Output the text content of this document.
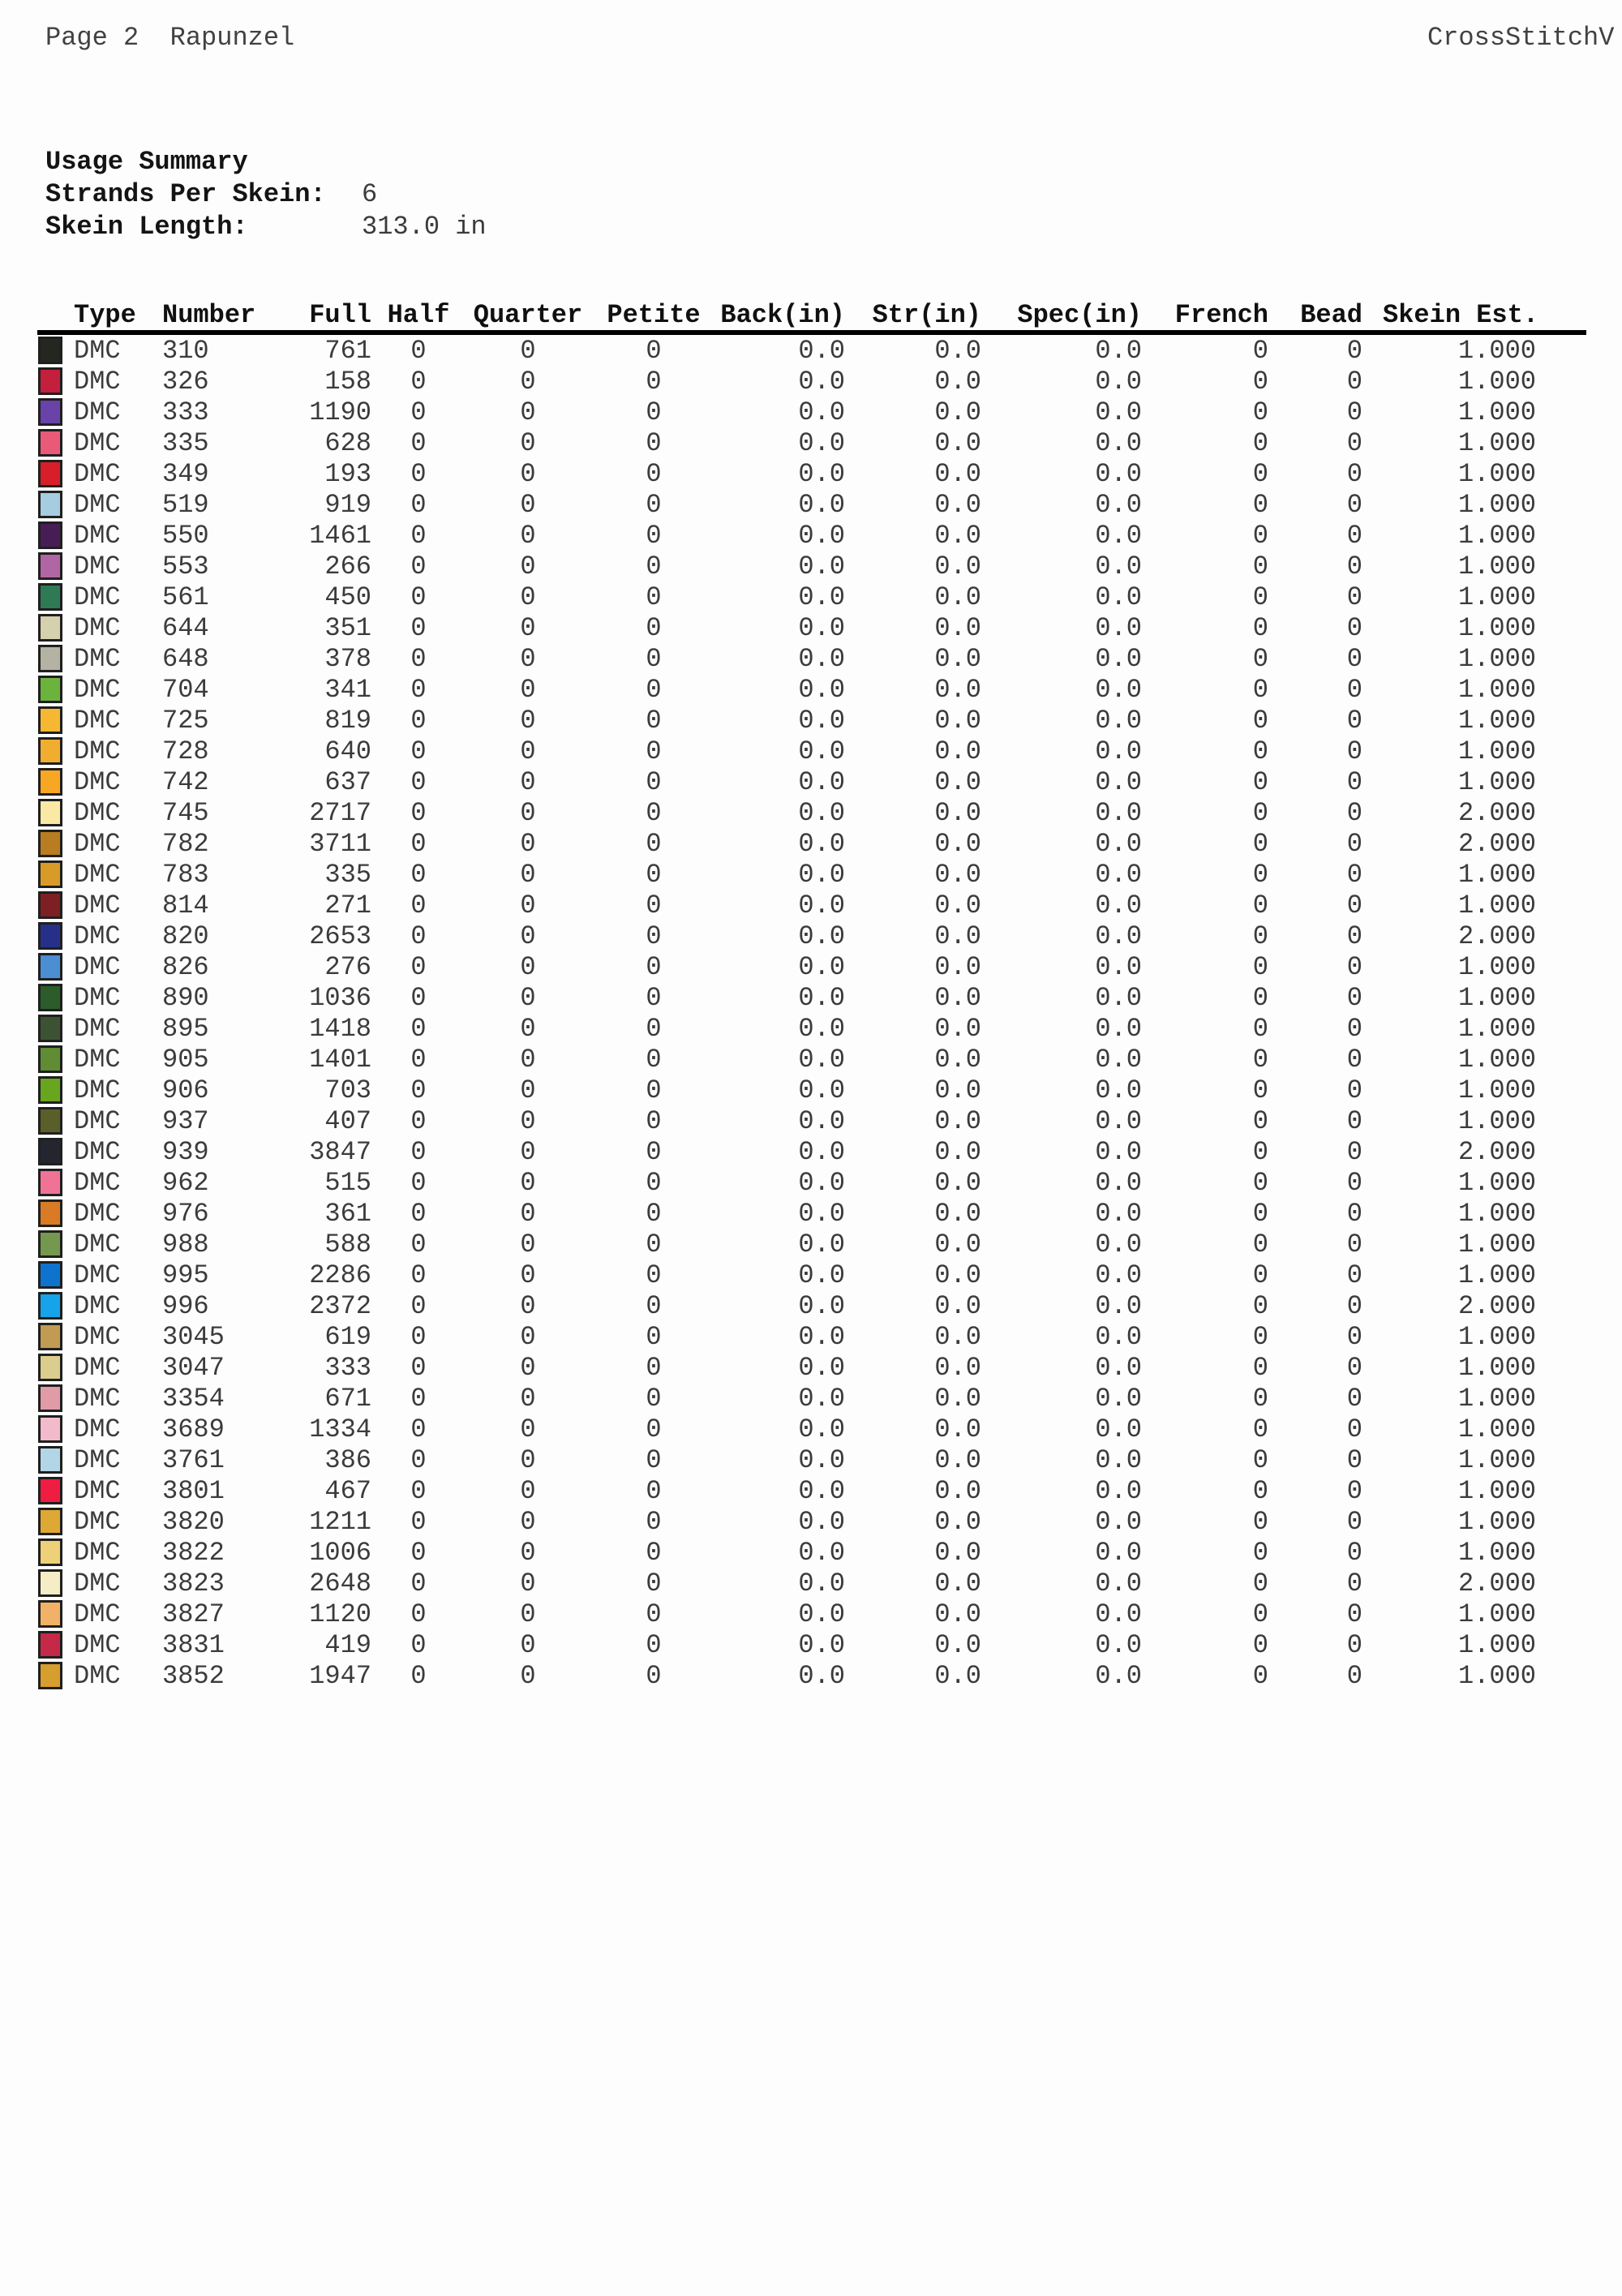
Page 2  Rapunzel	CrossStitchV
Usage Summary
Strands Per Skein: 6
Skein Length:	313.0 in
	Type	Number	Full	Half	Quarter	Petite	Back(in)	Str(in)	Spec(in)	French	Bead	Skein Est.

	DMC	310	761	0	0	0	0.0	0.0	0.0	0	0	1.000

	DMC	326	158	0	0	0	0.0	0.0	0.0	0	0	1.000

	DMC	333	1190	0	0	0	0.0	0.0	0.0	0	0	1.000

	DMC	335	628	0	0	0	0.0	0.0	0.0	0	0	1.000

	DMC	349	193	0	0	0	0.0	0.0	0.0	0	0	1.000

	DMC	519	919	0	0	0	0.0	0.0	0.0	0	0	1.000

	DMC	550	1461	0	0	0	0.0	0.0	0.0	0	0	1.000

	DMC	553	266	0	0	0	0.0	0.0	0.0	0	0	1.000

	DMC	561	450	0	0	0	0.0	0.0	0.0	0	0	1.000

	DMC	644	351	0	0	0	0.0	0.0	0.0	0	0	1.000

	DMC	648	378	0	0	0	0.0	0.0	0.0	0	0	1.000

	DMC	704	341	0	0	0	0.0	0.0	0.0	0	0	1.000

	DMC	725	819	0	0	0	0.0	0.0	0.0	0	0	1.000

	DMC	728	640	0	0	0	0.0	0.0	0.0	0	0	1.000

	DMC	742	637	0	0	0	0.0	0.0	0.0	0	0	1.000

	DMC	745	2717	0	0	0	0.0	0.0	0.0	0	0	2.000

	DMC	782	3711	0	0	0	0.0	0.0	0.0	0	0	2.000

	DMC	783	335	0	0	0	0.0	0.0	0.0	0	0	1.000

	DMC	814	271	0	0	0	0.0	0.0	0.0	0	0	1.000

	DMC	820	2653	0	0	0	0.0	0.0	0.0	0	0	2.000

	DMC	826	276	0	0	0	0.0	0.0	0.0	0	0	1.000

	DMC	890	1036	0	0	0	0.0	0.0	0.0	0	0	1.000

	DMC	895	1418	0	0	0	0.0	0.0	0.0	0	0	1.000

	DMC	905	1401	0	0	0	0.0	0.0	0.0	0	0	1.000

	DMC	906	703	0	0	0	0.0	0.0	0.0	0	0	1.000

	DMC	937	407	0	0	0	0.0	0.0	0.0	0	0	1.000

	DMC	939	3847	0	0	0	0.0	0.0	0.0	0	0	2.000

	DMC	962	515	0	0	0	0.0	0.0	0.0	0	0	1.000

	DMC	976	361	0	0	0	0.0	0.0	0.0	0	0	1.000

	DMC	988	588	0	0	0	0.0	0.0	0.0	0	0	1.000

	DMC	995	2286	0	0	0	0.0	0.0	0.0	0	0	1.000

	DMC	996	2372	0	0	0	0.0	0.0	0.0	0	0	2.000

	DMC	3045	619	0	0	0	0.0	0.0	0.0	0	0	1.000

	DMC	3047	333	0	0	0	0.0	0.0	0.0	0	0	1.000

	DMC	3354	671	0	0	0	0.0	0.0	0.0	0	0	1.000

	DMC	3689	1334	0	0	0	0.0	0.0	0.0	0	0	1.000

	DMC	3761	386	0	0	0	0.0	0.0	0.0	0	0	1.000

	DMC	3801	467	0	0	0	0.0	0.0	0.0	0	0	1.000

	DMC	3820	1211	0	0	0	0.0	0.0	0.0	0	0	1.000

	DMC	3822	1006	0	0	0	0.0	0.0	0.0	0	0	1.000

	DMC	3823	2648	0	0	0	0.0	0.0	0.0	0	0	2.000

	DMC	3827	1120	0	0	0	0.0	0.0	0.0	0	0	1.000

	DMC	3831	419	0	0	0	0.0	0.0	0.0	0	0	1.000

	DMC	3852	1947	0	0	0	0.0	0.0	0.0	0	0	1.000
